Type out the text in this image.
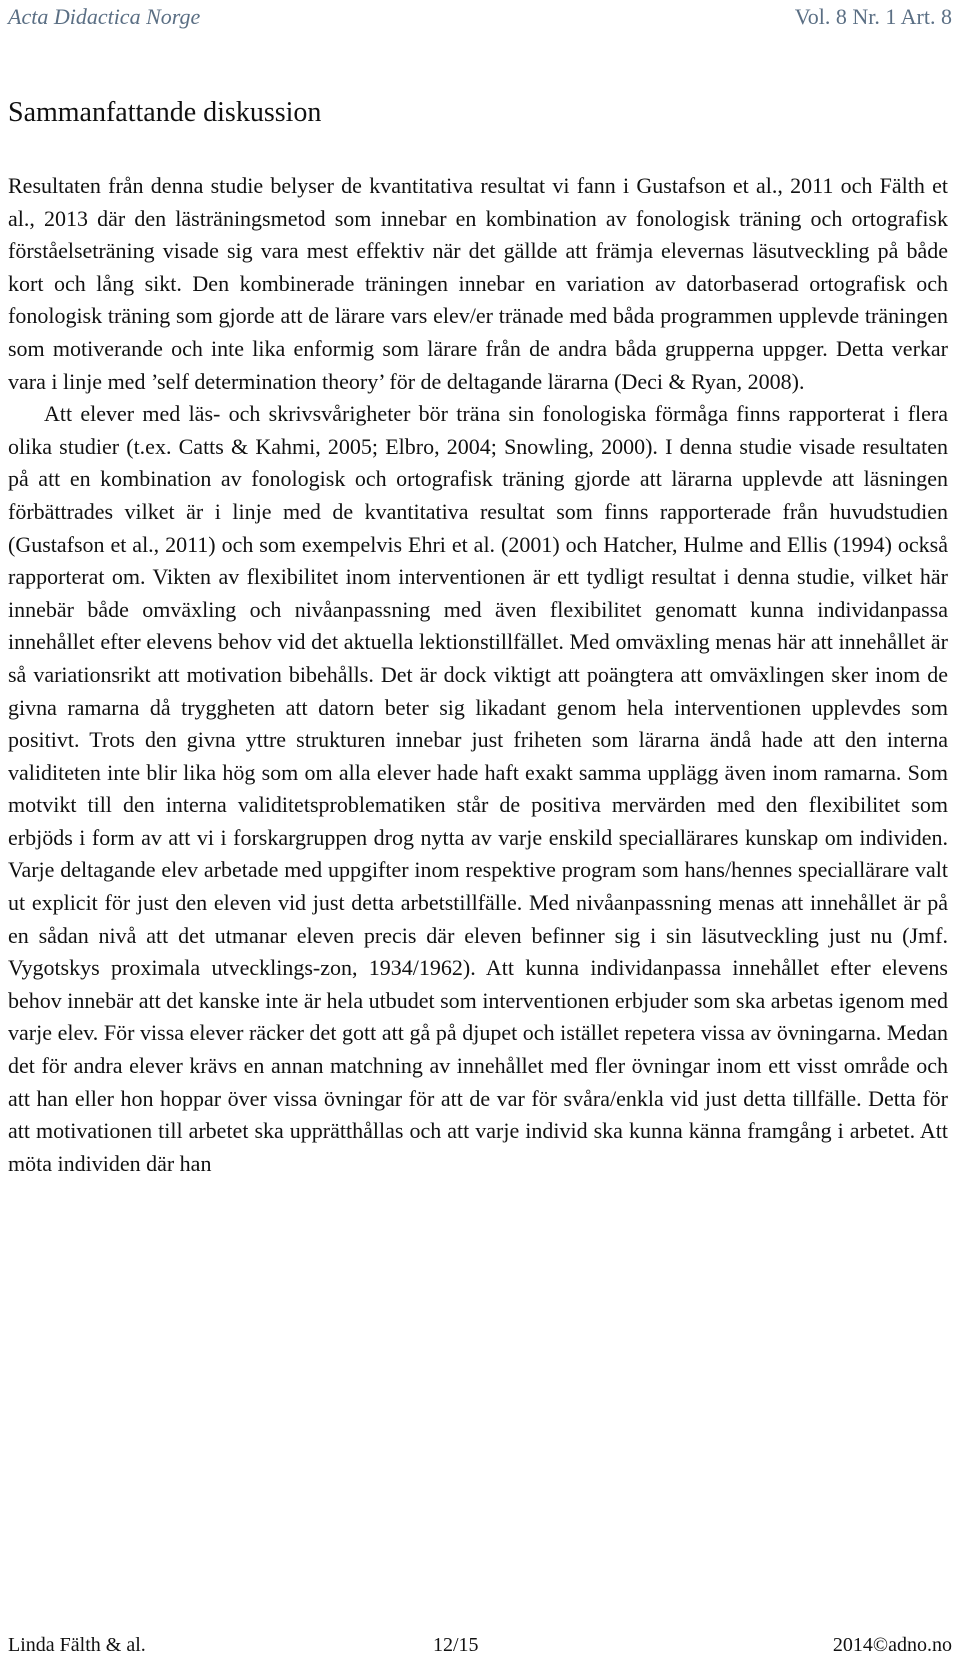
Acta Didactica Norge	Vol. 8 Nr. 1 Art. 8
Sammanfattande diskussion

Resultaten från denna studie belyser de kvantitativa resultat vi fann i Gustafson et al., 2011 och Fälth et al., 2013 där den lästräningsmetod som innebar en kombination av fonologisk träning och ortografisk förståelseträning visade sig vara mest effektiv när det gällde att främja elevernas läsutveckling på både kort och lång sikt. Den kombinerade träningen innebar en variation av datorbaserad ortografisk och fonologisk träning som gjorde att de lärare vars elev/er tränade med båda programmen upplevde träningen som motiverande och inte lika enformig som lärare från de andra båda grupperna uppger. Detta verkar vara i linje med ’self determination theory’ för de deltagande lärarna (Deci & Ryan, 2008).

Att elever med läs- och skrivsvårigheter bör träna sin fonologiska förmåga finns rapporterat i flera olika studier (t.ex. Catts & Kahmi, 2005; Elbro, 2004; Snowling, 2000). I denna studie visade resultaten på att en kombination av fonologisk och ortografisk träning gjorde att lärarna upplevde att läsningen förbättrades vilket är i linje med de kvantitativa resultat som finns rapporterade från huvudstudien (Gustafson et al., 2011) och som exempelvis Ehri et al. (2001) och Hatcher, Hulme and Ellis (1994) också rapporterat om. Vikten av flexibilitet inom interventionen är ett tydligt resultat i denna studie, vilket här innebär både omväxling och nivåanpassning med även flexibilitet genomatt kunna individanpassa innehållet efter elevens behov vid det aktuella lektionstillfället. Med omväxling menas här att innehållet är så variationsrikt att motivation bibehålls. Det är dock viktigt att poängtera att omväxlingen sker inom de givna ramarna då tryggheten att datorn beter sig likadant genom hela interventionen upplevdes som positivt. Trots den givna yttre strukturen innebar just friheten som lärarna ändå hade att den interna validiteten inte blir lika hög som om alla elever hade haft exakt samma upplägg även inom ramarna. Som motvikt till den interna validitetsproblematiken står de positiva mervärden med den flexibilitet som erbjöds i form av att vi i forskargruppen drog nytta av varje enskild speciallärares kunskap om individen. Varje deltagande elev arbetade med uppgifter inom respektive program som hans/hennes speciallärare valt ut explicit för just den eleven vid just detta arbetstillfälle. Med nivåanpassning menas att innehållet är på en sådan nivå att det utmanar eleven precis där eleven befinner sig i sin läsutveckling just nu (Jmf. Vygotskys proximala utvecklings-zon, 1934/1962). Att kunna individanpassa innehållet efter elevens behov innebär att det kanske inte är hela utbudet som interventionen erbjuder som ska arbetas igenom med varje elev. För vissa elever räcker det gott att gå på djupet och istället repetera vissa av övningarna. Medan det för andra elever krävs en annan matchning av innehållet med fler övningar inom ett visst område och att han eller hon hoppar över vissa övningar för att de var för svåra/enkla vid just detta tillfälle. Detta för att motivationen till arbetet ska upprätthållas och att varje individ ska kunna känna framgång i arbetet. Att möta individen där han

Linda Fälth & al.	12/15	2014©adno.no
